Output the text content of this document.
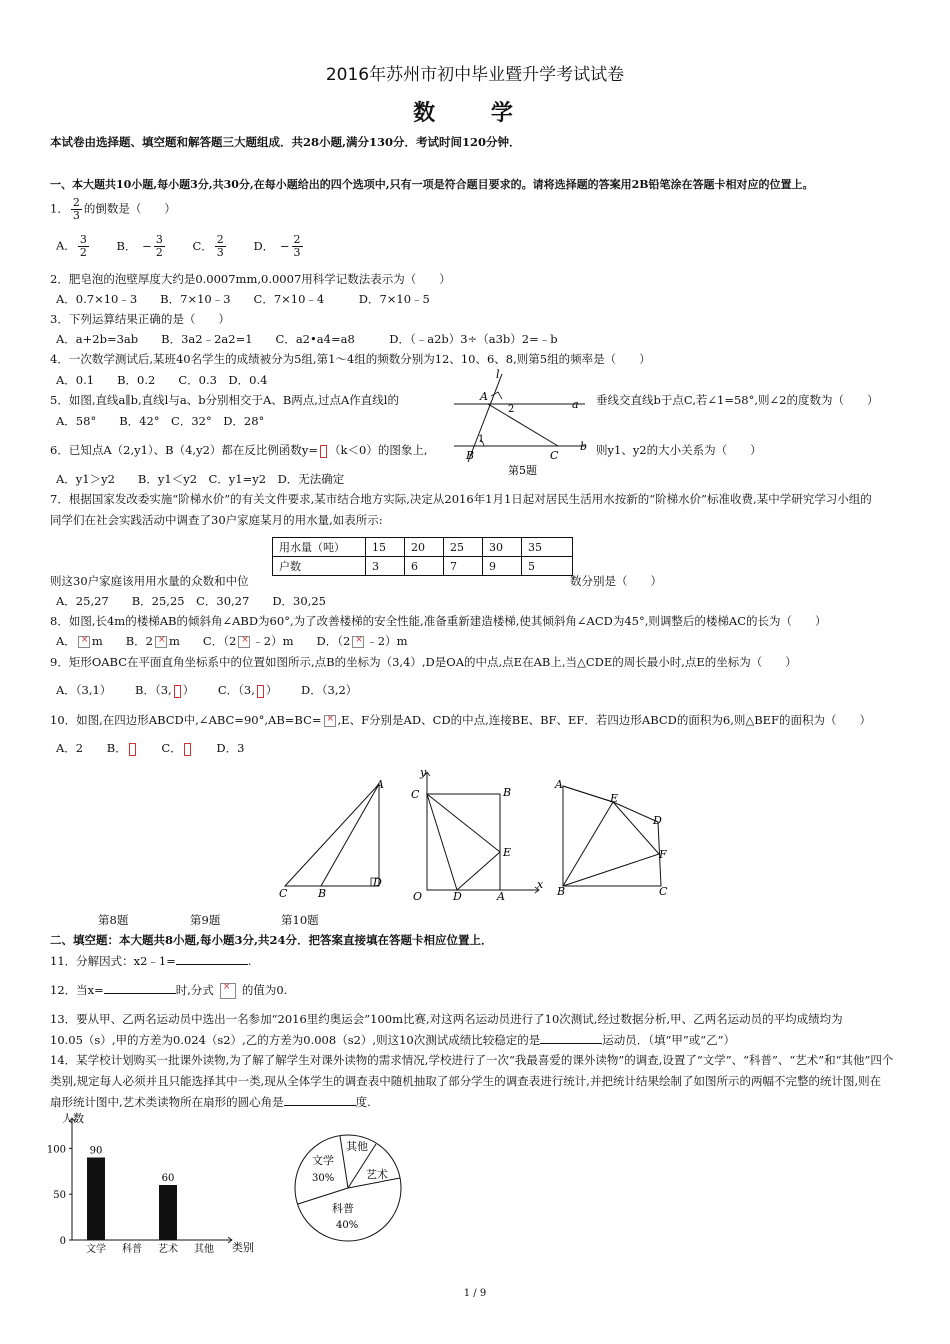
2016年苏州市初中毕业暨升学考试试卷
数 学
本试卷由选择题、填空题和解答题三大题组成．共28小题,满分130分．考试时间120分钟．
一、本大题共10小题,每小题3分,共30分,在每小题给出的四个选项中,只有一项是符合题目要求的。请将选择题的答案用2B铅笔涂在答题卡相对应的位置上。
1． $\frac{2}{3}$ 的倒数是（　　）
A． $\frac{3}{2}$ B．　− $\frac{3}{2}$ C． $\frac{2}{3}$ D．　− $\frac{2}{3}$
2．肥皂泡的泡壁厚度大约是0.0007mm,0.0007用科学记数法表示为（　　）
A．0.7×10﹣3　　B．7×10﹣3　　C．7×10﹣4　　　D．7×10﹣5
3．下列运算结果正确的是（　　）
A．a+2b=3ab　　B．3a2﹣2a2=1　　C．a2•a4=a8　　　D．（﹣a2b）3÷（a3b）2=﹣b
4．一次数学测试后,某班40名学生的成绩被分为5组,第1～4组的频数分别为12、10、6、8,则第5组的频率是（　　）
A．0.1　　B．0.2　　C．0.3　D．0.4
5．如图,直线a∥b,直线l与a、b分别相交于A、B两点,过点A作直线l的	垂线交直线b于点C,若∠1=58°,则∠2的度数为（　　）
A．58°　　B．42°　C．32°　D．28°
l
a
b
A
B	C
1
2
第5题
6．已知点A（2,y1）、B（4,y2）都在反比例函数y= （k＜0）的图象上,	则y1、y2的大小关系为（　　）
A．y1＞y2　　B．y1＜y2　C．y1=y2　D．无法确定
7．根据国家发改委实施“阶梯水价”的有关文件要求,某市结合地方实际,决定从2016年1月1日起对居民生活用水按新的“阶梯水价”标准收费,某中学研究学习小组的
同学们在社会实践活动中调查了30户家庭某月的用水量,如表所示:
用水量（吨）	15	20	25	30	35
户数	3	6	7	9	5
则这30户家庭该用用水量的众数和中位	数分别是（　　）
A．25,27　　B．25,25　C．30,27　　D．30,25
8．如图,长4m的楼梯AB的倾斜角∠ABD为60°,为了改善楼梯的安全性能,准备重新建造楼梯,使其倾斜角∠ACD为45°,则调整后的楼梯AC的长为（　　）
A． × m　　B．2 × m　　C．（2 × ﹣2）m　　D．（2 × ﹣2）m
9．矩形OABC在平面直角坐标系中的位置如图所示,点B的坐标为（3,4）,D是OA的中点,点E在AB上,当△CDE的周长最小时,点E的坐标为（　　）
A．（3,1） B．（3, ） C．（3, ） D．（3,2）
10．如图,在四边形ABCD中,∠ABC=90°,AB=BC= × ,E、F分别是AD、CD的中点,连接BE、BF、EF．若四边形ABCD的面积为6,则△BEF的面积为（　　）
A．2 B．	C．	D．3
A
B
C
D
y
x
C	B
E
O	D	A
A
E
D
F
B	C
第8题	第9题	第10题
二、填空题：本大题共8小题,每小题3分,共24分．把答案直接填在答题卡相应位置上．
11．分解因式：x2﹣1=	.
12．当x=	时,分式 × 的值为0.
13．要从甲、乙两名运动员中选出一名参加“2016里约奥运会”100m比赛,对这两名运动员进行了10次测试,经过数据分析,甲、乙两名运动员的平均成绩均为
10.05（s）,甲的方差为0.024（s2）,乙的方差为0.008（s2）,则这10次测试成绩比较稳定的是	运动员．（填“甲”或“乙”）
14．某学校计划购买一批课外读物,为了解了解学生对课外读物的需求情况,学校进行了一次“我最喜爱的课外读物”的调查,设置了“文学”、“科普”、“艺术”和“其他”四个
类别,规定每人必须并且只能选择其中一类,现从全体学生的调查表中随机抽取了部分学生的调查表进行统计,并把统计结果绘制了如图所示的两幅不完整的统计图,则在
扇形统计图中,艺术类读物所在扇形的圆心角是	度.
人数
类别
0
50
100 90
文学 科普
60
艺术 其他
文学
30%
其他
艺术
科普
40%
1 / 9
